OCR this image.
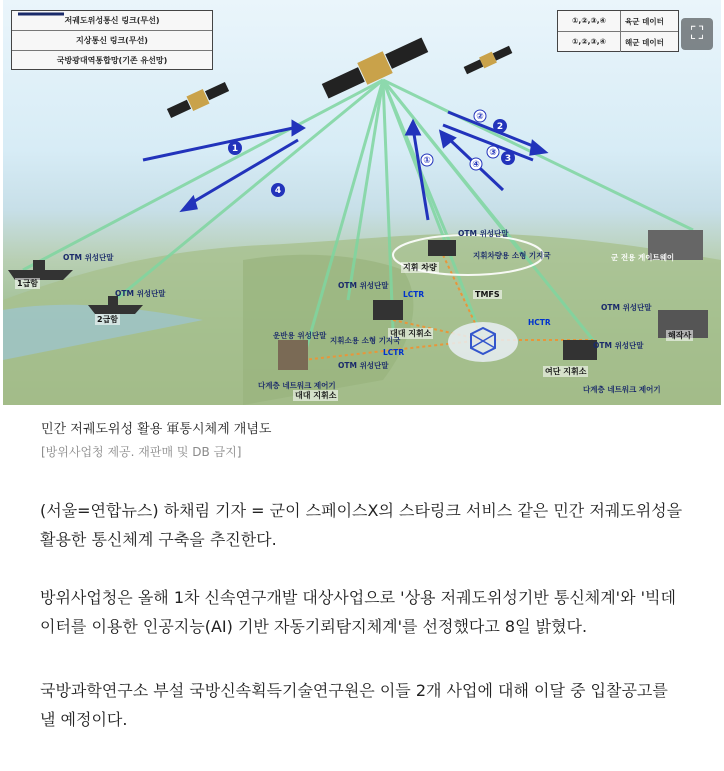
1
4
2
3
②
③
①	④
저궤도위성통신 링크(무선)
지상통신 링크(무선)
국방광대역통합망(기존 유선망)
①,②,③,④	육군 데이터
①,②,③,④	해군 데이터	⛶
1급함
2급함
OTM 위성단말
OTM 위성단말
OTM 위성단말
OTM 위성단말
OTM 위성단말
OTM 위성단말
OTM 위성단말
지휘 차량
지휘차량용 소형 기지국
TMFS
LCTR
LCTR
HCTR
대대 지휘소
여단 지휘소
대대 지휘소
운반용 위성단말
지휘소용 소형 기지국
다계층 네트워크 제어기	다계층 네트워크 제어기
군 전용 게이트웨이
해작사
민간 저궤도위성 활용 軍통시체계 개념도
[방위사업청 제공. 재판매 및 DB 금지]

(서울=연합뉴스) 하채림 기자 = 군이 스페이스X의 스타링크 서비스 같은 민간 저궤도위성을 활용한 통신체계 구축을 추진한다.

방위사업청은 올해 1차 신속연구개발 대상사업으로 '상용 저궤도위성기반 통신체계'와 '빅데이터를 이용한 인공지능(AI) 기반 자동기뢰탐지체계'를 선정했다고 8일 밝혔다.

국방과학연구소 부설 국방신속획득기술연구원은 이들 2개 사업에 대해 이달 중 입찰공고를 낼 예정이다.
